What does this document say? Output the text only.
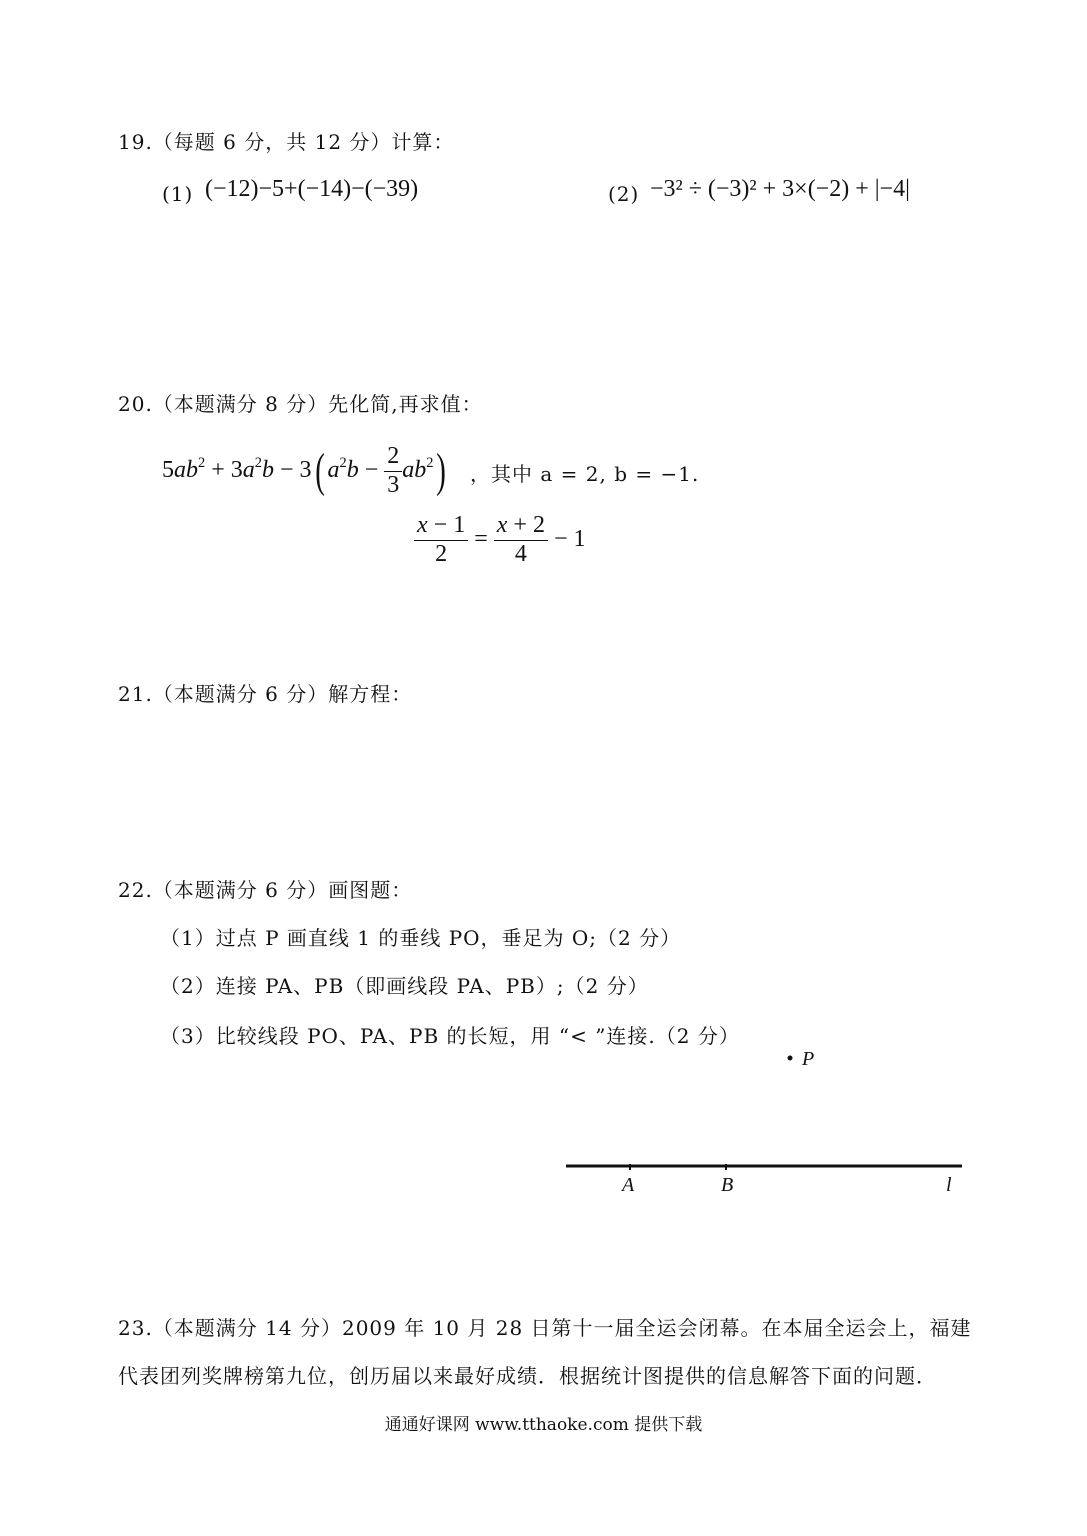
19.（每题 6 分，共 12 分）计算：
(1) (−12)−5+(−14)−(−39)	(2) −3² ÷ (−3)² + 3×(−2) + |−4|
20.（本题满分 8 分）先化简,再求值：
$5ab^2 + 3a^2b - 3$( $a^2b - \frac{2}{3} ab^2$) ，其中 a = 2, b = −1.
$\frac{x - 1}{2} = \frac{x + 2}{4} - 1$
21.（本题满分 6 分）解方程：
22.（本题满分 6 分）画图题：
（1）过点 P 画直线 1 的垂线 PO，垂足为 O;（2 分）
（2）连接 PA、PB（即画线段 PA、PB）;（2 分）
（3）比较线段 PO、PA、PB 的长短，用 “< ”连接.（2 分）
P
A	B	l
23.（本题满分 14 分）2009 年 10 月 28 日第十一届全运会闭幕。在本届全运会上，福建
代表团列奖牌榜第九位，创历届以来最好成绩．根据统计图提供的信息解答下面的问题．
通通好课网 www.tthaoke.com 提供下载
